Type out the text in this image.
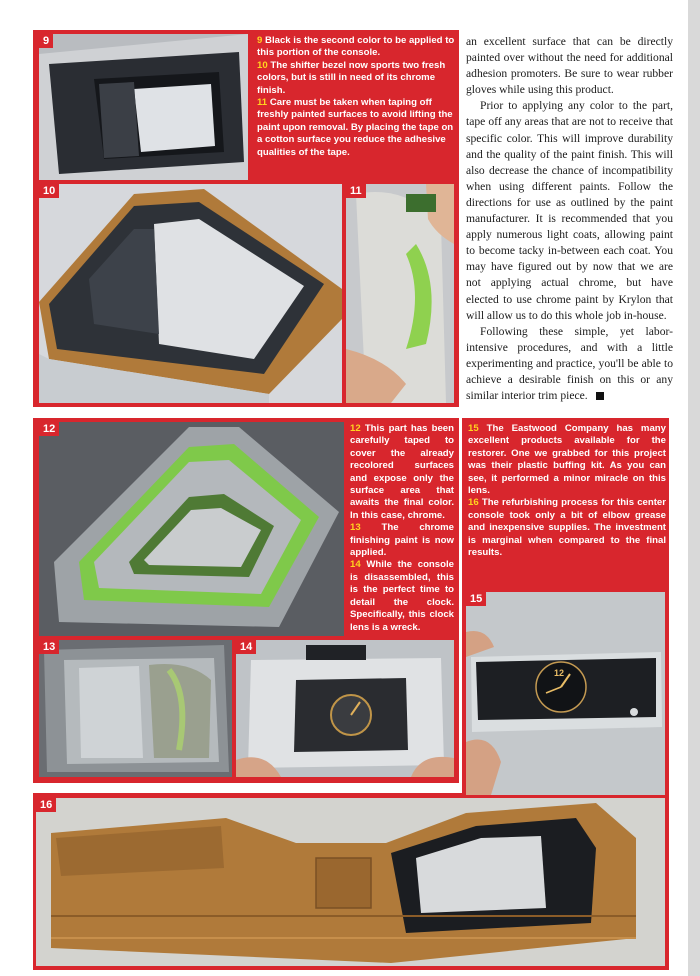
9	9 Black is the second color to be applied to this portion of the console.

10 The shifter bezel now sports two fresh colors, but is still in need of its chrome finish.

11 Care must be taken when taping off freshly painted surfaces to avoid lifting the paint upon removal. By placing the tape on a cotton surface you reduce the adhesive qualities of the tape.

10	11
12	12 This part has been carefully taped to cover the already recolored surfaces and expose only the surface area that awaits the final color. In this case, chrome.

13 The chrome finishing paint is now applied.

14 While the console is disassembled, this is the perfect time to detail the clock. Specifically, this clock lens is a wreck.

13	14

15 The Eastwood Company has many excellent products available for the restorer. One we grabbed for this project was their plastic buffing kit. As you can see, it performed a minor miracle on this lens.

16 The refurbishing process for this center console took only a bit of elbow grease and inexpensive supplies. The investment is marginal when compared to the final results.

12
15
16

an excellent surface that can be directly painted over without the need for additional adhesion promoters. Be sure to wear rubber gloves while using this product.

Prior to applying any color to the part, tape off any areas that are not to receive that specific color. This will improve durability and the quality of the paint finish. This will also decrease the chance of incompatibility when using different paints. Follow the directions for use as outlined by the paint manufacturer. It is recommended that you apply numerous light coats, allowing paint to become tacky in-between each coat. You may have figured out by now that we are not applying actual chrome, but have elected to use chrome paint by Krylon that will allow us to do this whole job in-house.

Following these simple, yet labor-intensive procedures, and with a little experimenting and practice, you'll be able to achieve a desirable finish on this or any similar interior trim piece.
